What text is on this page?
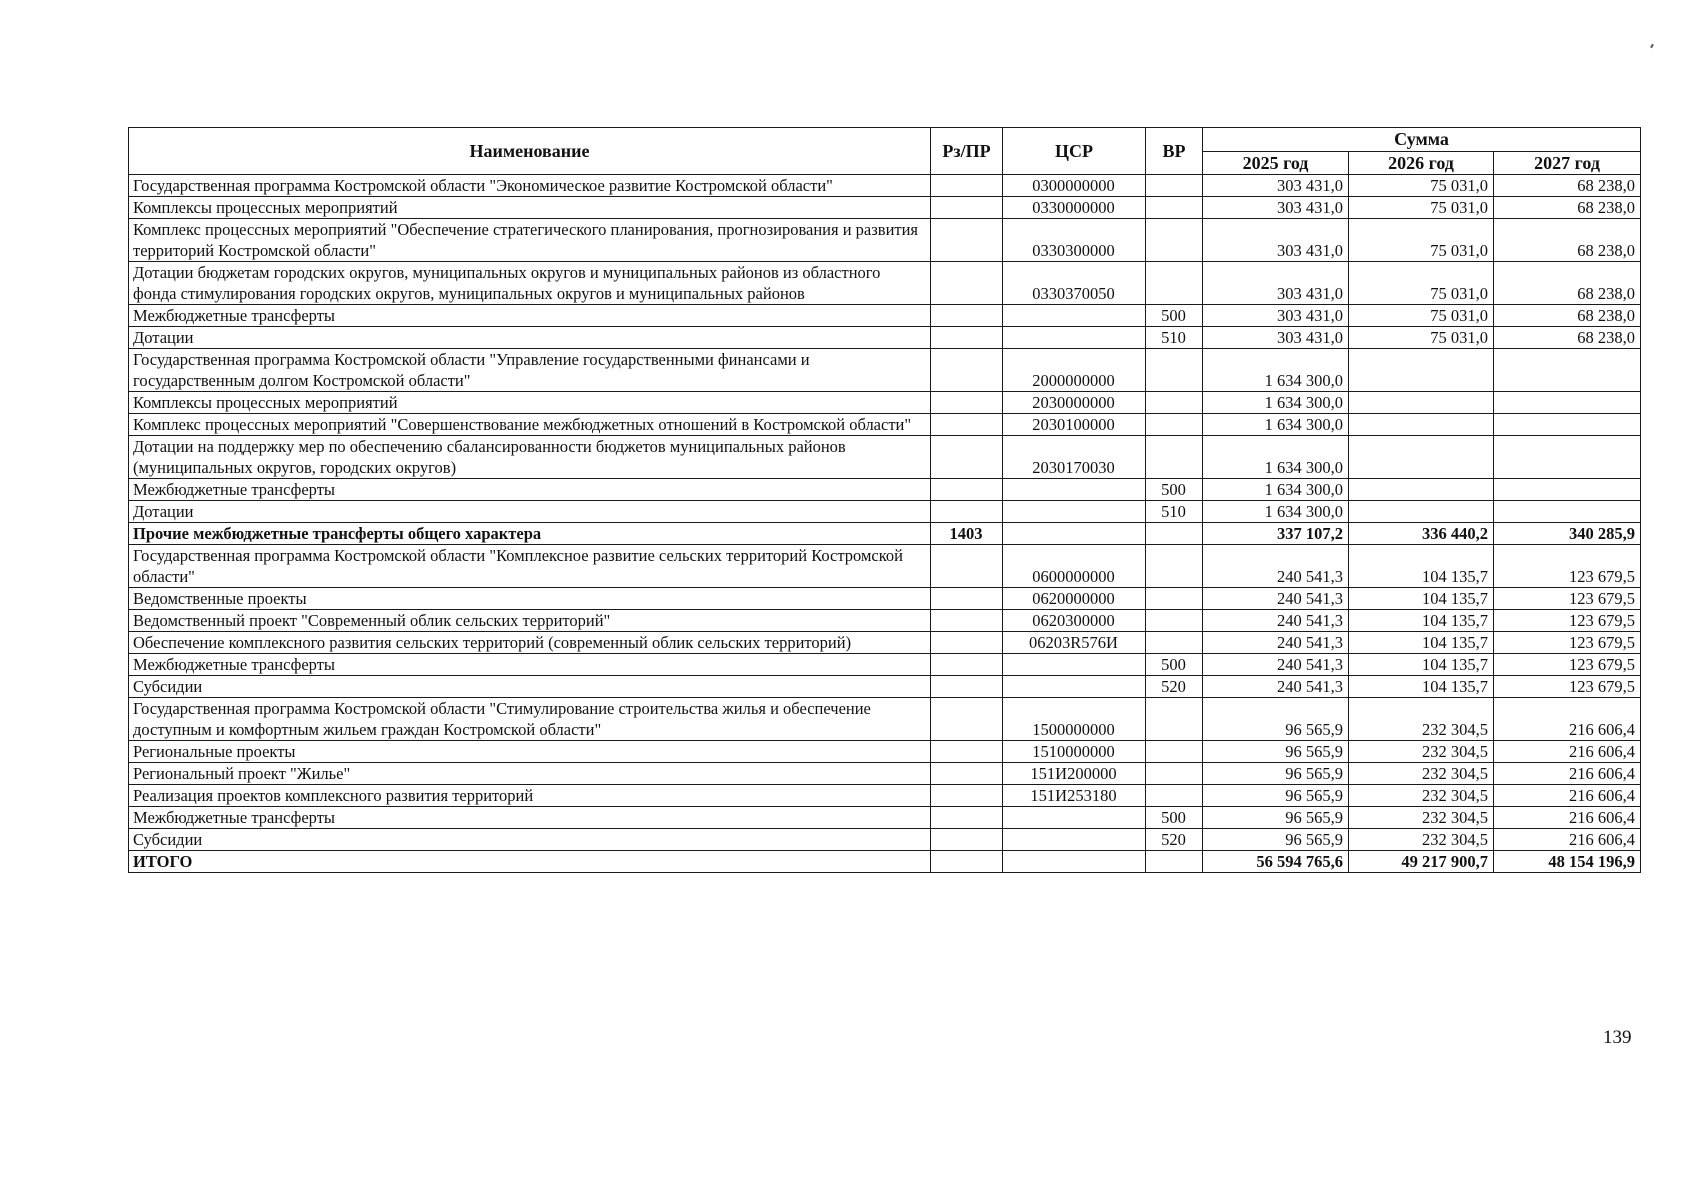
Наименование	Рз/ПР	ЦСР	ВР	Сумма		
				2025 год	2026 год	2027 год
Государственная программа Костромской области "Экономическое развитие Костромской области"		0300000000		303 431,0	75 031,0	68 238,0
Комплексы процессных мероприятий		0330000000		303 431,0	75 031,0	68 238,0
Комплекс процессных мероприятий "Обеспечение стратегического планирования, прогнозирования и развития территорий Костромской области"		0330300000		303 431,0	75 031,0	68 238,0
Дотации бюджетам городских округов, муниципальных округов и муниципальных районов из областного фонда стимулирования городских округов, муниципальных округов и муниципальных районов		0330370050		303 431,0	75 031,0	68 238,0
Межбюджетные трансферты			500	303 431,0	75 031,0	68 238,0
Дотации			510	303 431,0	75 031,0	68 238,0
Государственная программа Костромской области "Управление государственными финансами и государственным долгом Костромской области"		2000000000		1 634 300,0		
Комплексы процессных мероприятий		2030000000		1 634 300,0		
Комплекс процессных мероприятий "Совершенствование межбюджетных отношений в Костромской области"		2030100000		1 634 300,0		
Дотации на поддержку мер по обеспечению сбалансированности бюджетов муниципальных районов (муниципальных округов, городских округов)		2030170030		1 634 300,0		
Межбюджетные трансферты			500	1 634 300,0		
Дотации			510	1 634 300,0		
Прочие межбюджетные трансферты общего характера	1403			337 107,2	336 440,2	340 285,9
Государственная программа Костромской области "Комплексное развитие сельских территорий Костромской области"		0600000000		240 541,3	104 135,7	123 679,5
Ведомственные проекты		0620000000		240 541,3	104 135,7	123 679,5
Ведомственный проект "Современный облик сельских территорий"		0620300000		240 541,3	104 135,7	123 679,5
Обеспечение комплексного развития сельских территорий (современный облик сельских территорий)		06203R576И		240 541,3	104 135,7	123 679,5
Межбюджетные трансферты			500	240 541,3	104 135,7	123 679,5
Субсидии			520	240 541,3	104 135,7	123 679,5
Государственная программа Костромской области "Стимулирование строительства жилья и обеспечение доступным и комфортным жильем граждан Костромской области"		1500000000		96 565,9	232 304,5	216 606,4
Региональные проекты		1510000000		96 565,9	232 304,5	216 606,4
Региональный проект "Жилье"		151И200000		96 565,9	232 304,5	216 606,4
Реализация проектов комплексного развития территорий		151И253180		96 565,9	232 304,5	216 606,4
Межбюджетные трансферты			500	96 565,9	232 304,5	216 606,4
Субсидии			520	96 565,9	232 304,5	216 606,4
ИТОГО				56 594 765,6	49 217 900,7	48 154 196,9
139
